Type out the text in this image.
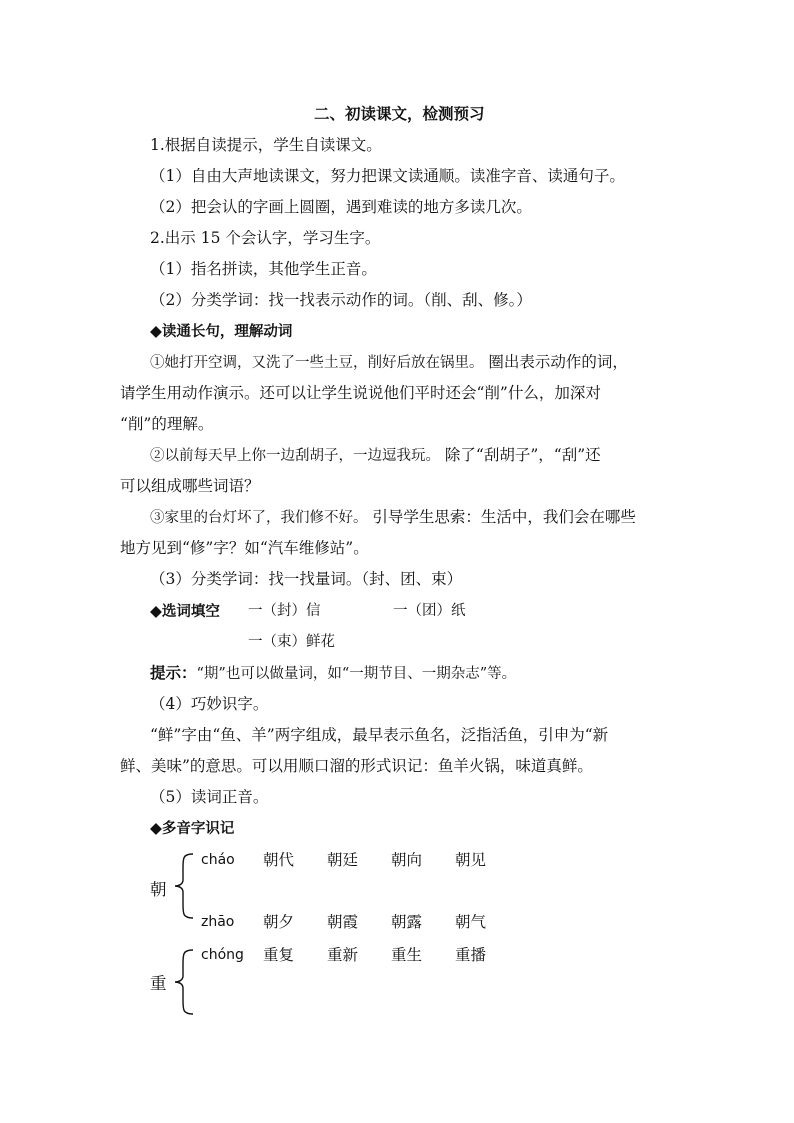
二、初读课文，检测预习
1.根据自读提示，学生自读课文。
（1）自由大声地读课文，努力把课文读通顺。读准字音、读通句子。
（2）把会认的字画上圆圈，遇到难读的地方多读几次。
2.出示 15 个会认字，学习生字。
（1）指名拼读，其他学生正音。
（2）分类学词：找一找表示动作的词。（削、刮、修。）
◆读通长句，理解动词
①她打开空调，又洗了一些土豆，削好后放在锅里。 圈出表示动作的词，
请学生用动作演示。还可以让学生说说他们平时还会“削”什么，加深对
“削”的理解。
②以前每天早上你一边刮胡子，一边逗我玩。 除了“刮胡子”，“刮”还
可以组成哪些词语？
③家里的台灯坏了，我们修不好。 引导学生思索：生活中，我们会在哪些
地方见到“修”字？如“汽车维修站”。
（3）分类学词：找一找量词。（封、团、束）
◆选词填空 一（封）信	一（团）纸
一（束）鲜花
提示：“期”也可以做量词，如“一期节目、一期杂志”等。
（4）巧妙识字。
“鲜”字由“鱼、羊”两字组成，最早表示鱼名，泛指活鱼，引申为“新
鲜、美味”的意思。可以用顺口溜的形式识记：鱼羊火锅，味道真鲜。
（5）读词正音。
◆多音字识记
朝
cháo 朝代 朝廷 朝向 朝见
zhāo 朝夕 朝霞 朝露 朝气
重
chóng 重复 重新 重生 重播
